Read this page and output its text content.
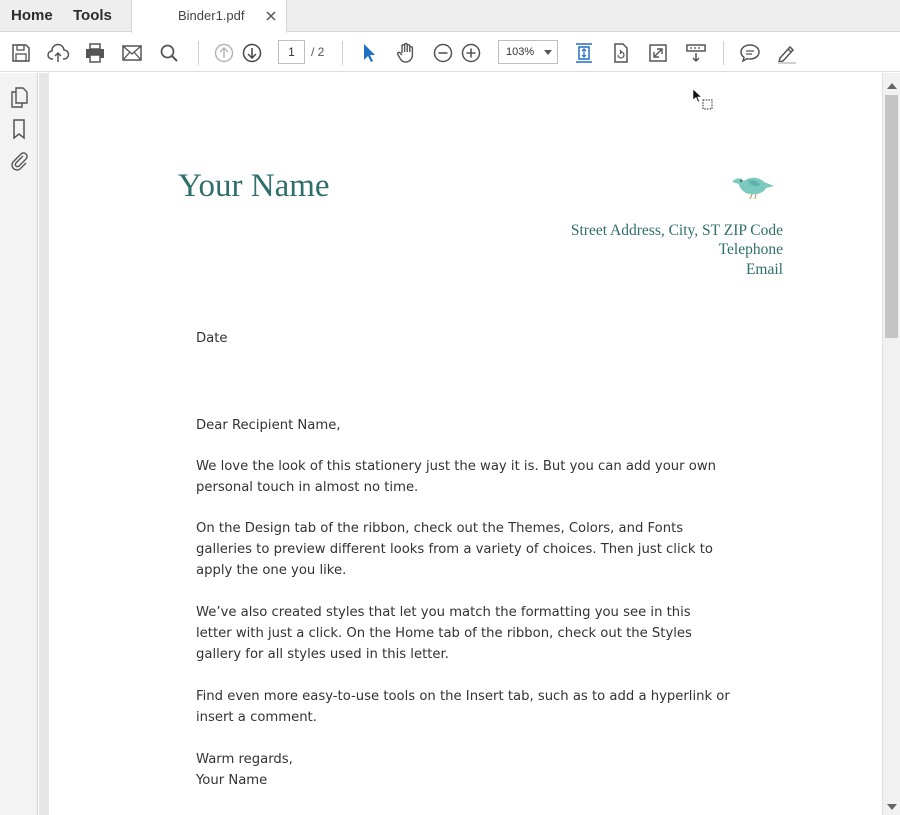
Home Tools	Binder1.pdf
1
/ 2	103%
Your Name
Street Address, City, ST ZIP Code
Telephone
Email
Date
Dear Recipient Name,
We love the look of this stationery just the way it is. But you can add your own personal touch in almost no time.
On the Design tab of the ribbon, check out the Themes, Colors, and Fonts galleries to preview different looks from a variety of choices. Then just click to apply the one you like.
We’ve also created styles that let you match the formatting you see in this letter with just a click. On the Home tab of the ribbon, check out the Styles gallery for all styles used in this letter.
Find even more easy-to-use tools on the Insert tab, such as to add a hyperlink or insert a comment.
Warm regards,
Your Name
